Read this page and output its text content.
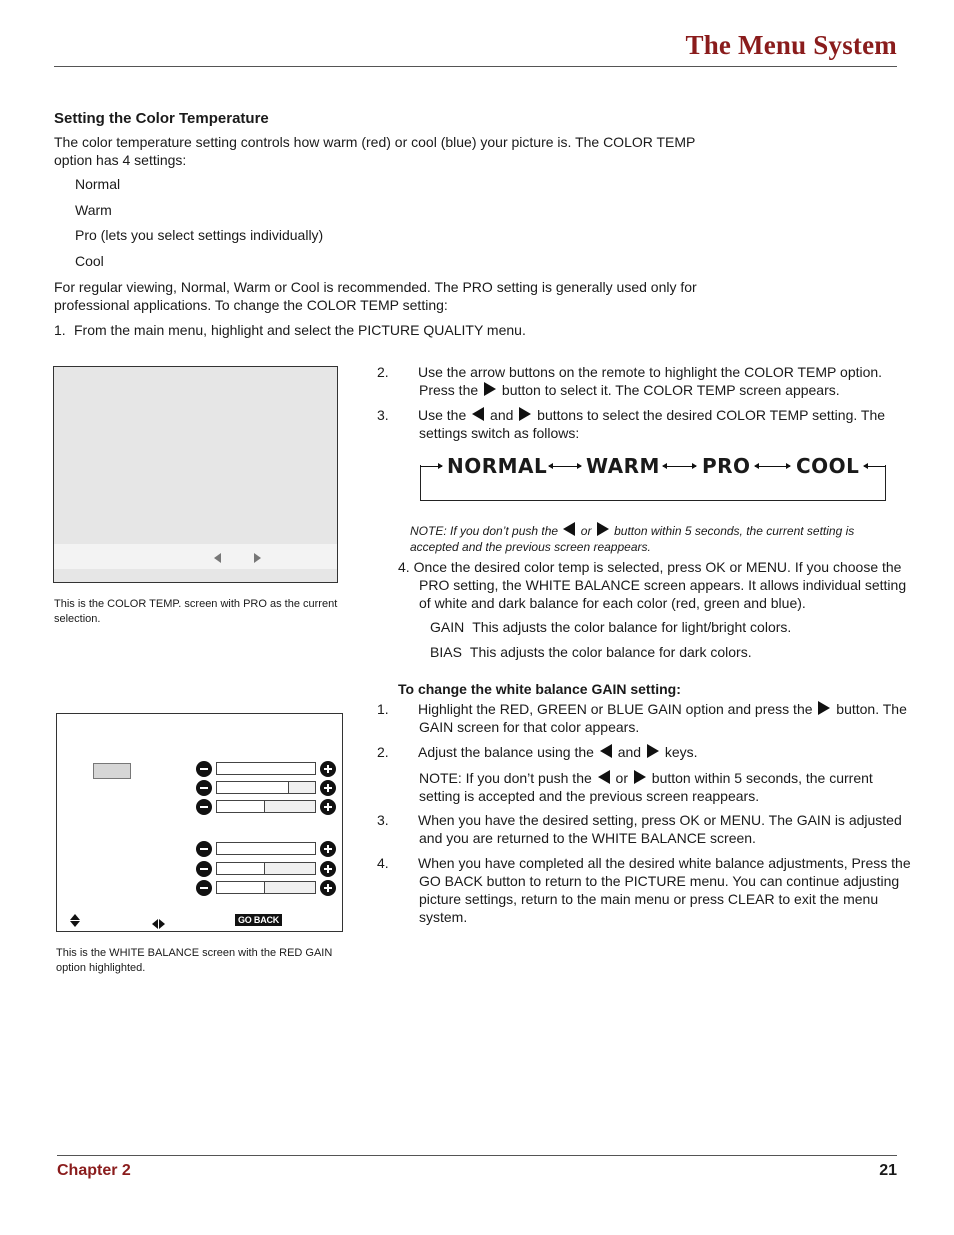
The Menu System
Setting the Color Temperature
The color temperature setting controls how warm (red) or cool (blue) your picture is. The COLOR TEMP option has 4 settings:
Normal
Warm
Pro (lets you select settings individually)
Cool
For regular viewing, Normal, Warm or Cool is recommended. The PRO setting is generally used only for professional applications. To change the COLOR TEMP setting:
1. From the main menu, highlight and select the PICTURE QUALITY menu.
This is the COLOR TEMP. screen with PRO as the current selection.
2. Use the arrow buttons on the remote to highlight the COLOR TEMP option. Press the button to select it. The COLOR TEMP screen appears.
3. Use the and buttons to select the desired COLOR TEMP setting. The settings switch as follows:
NORMAL WARM PRO COOL
NOTE: If you don’t push the or button within 5 seconds, the current setting is accepted and the previous screen reappears.
4. Once the desired color temp is selected, press OK or MENU. If you choose the PRO setting, the WHITE BALANCE screen appears. It allows individual setting of white and dark balance for each color (red, green and blue).
GAIN This adjusts the color balance for light/bright colors.
BIAS This adjusts the color balance for dark colors.
To change the white balance GAIN setting:
1. Highlight the RED, GREEN or BLUE GAIN option and press the button. The GAIN screen for that color appears.
2. Adjust the balance using the and keys.
NOTE: If you don’t push the or button within 5 seconds, the current setting is accepted and the previous screen reappears.
3. When you have the desired setting, press OK or MENU. The GAIN is adjusted and you are returned to the WHITE BALANCE screen.
4. When you have completed all the desired white balance adjustments, Press the GO BACK button to return to the PICTURE menu. You can continue adjusting picture settings, return to the main menu or press CLEAR to exit the menu system.
GO BACK
This is the WHITE BALANCE screen with the RED GAIN option highlighted.
Chapter 2	21
